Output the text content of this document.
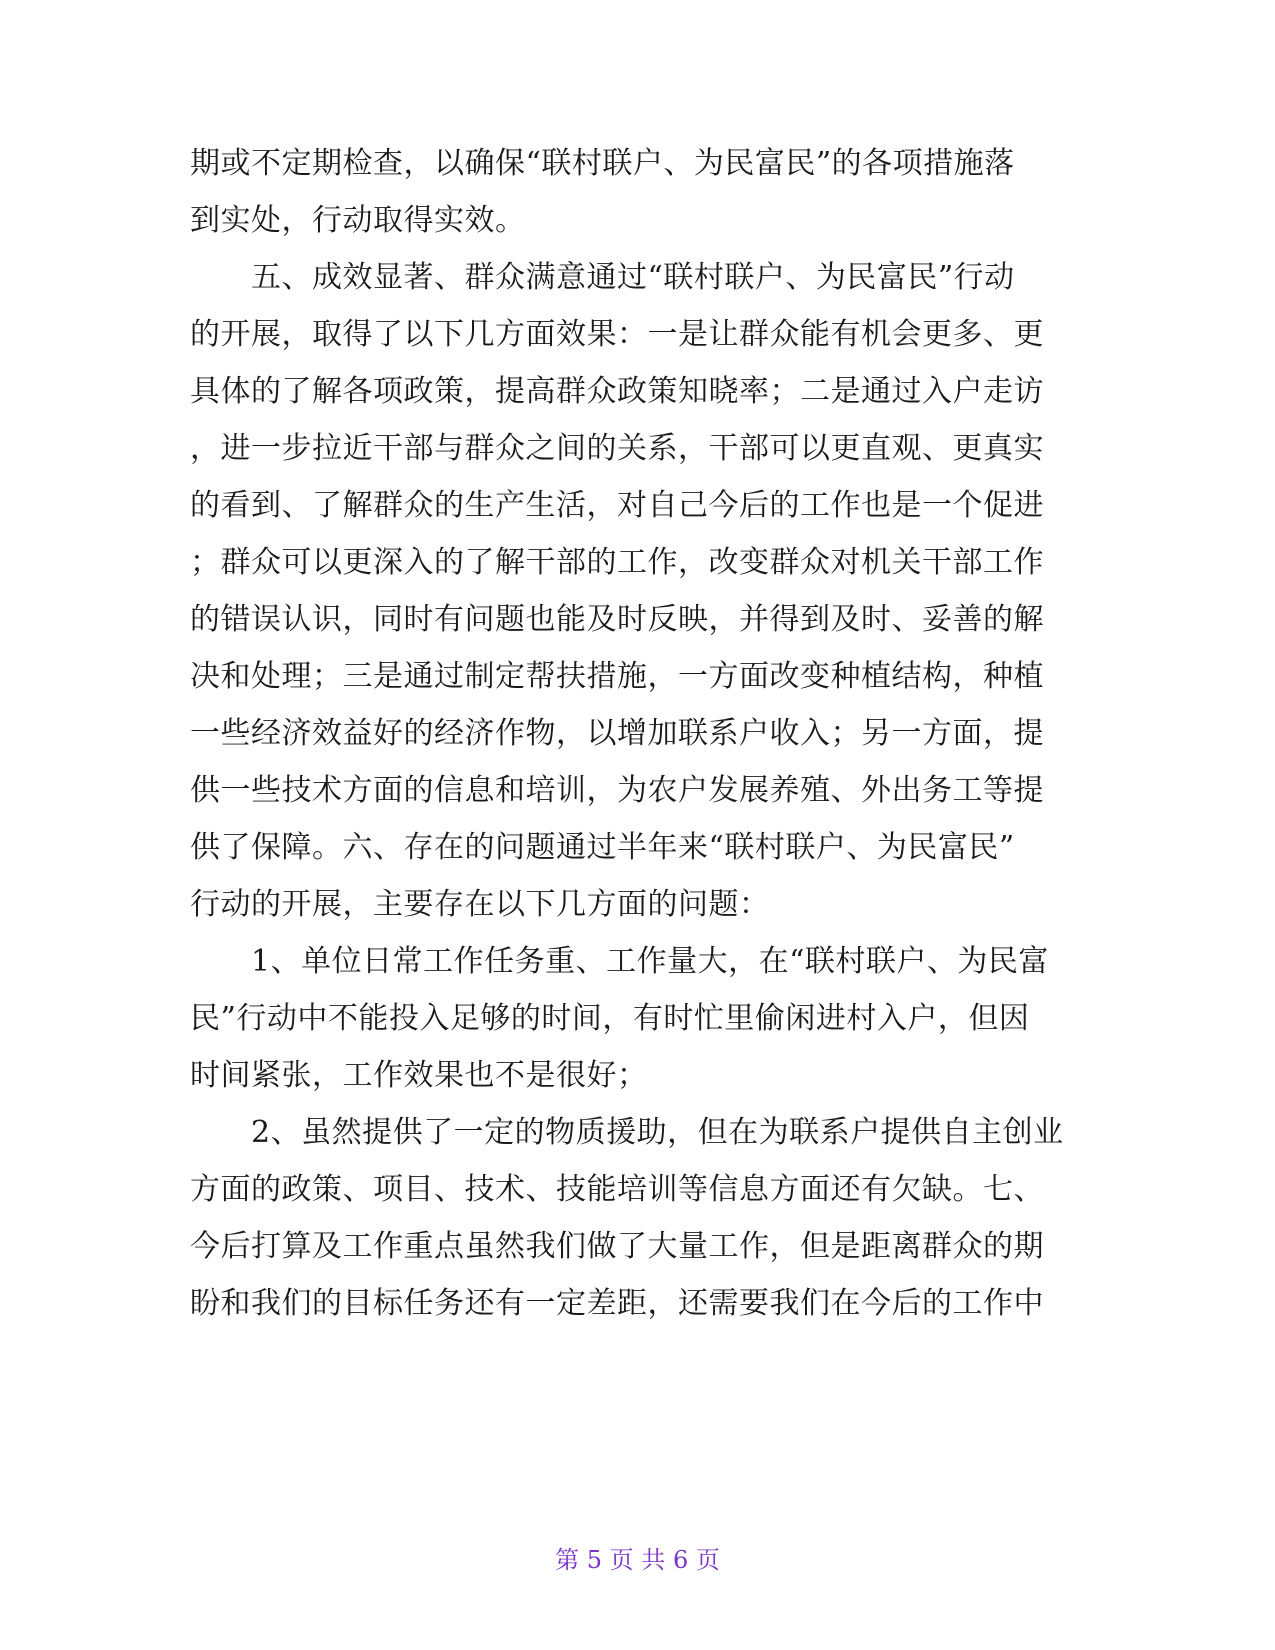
期或不定期检查，以确保“联村联户、为民富民”的各项措施落
到实处，行动取得实效。
　　五、成效显著、群众满意通过“联村联户、为民富民”行动
的开展，取得了以下几方面效果：一是让群众能有机会更多、更
具体的了解各项政策，提高群众政策知晓率；二是通过入户走访
，进一步拉近干部与群众之间的关系，干部可以更直观、更真实
的看到、了解群众的生产生活，对自己今后的工作也是一个促进
；群众可以更深入的了解干部的工作，改变群众对机关干部工作
的错误认识，同时有问题也能及时反映，并得到及时、妥善的解
决和处理；三是通过制定帮扶措施，一方面改变种植结构，种植
一些经济效益好的经济作物，以增加联系户收入；另一方面，提
供一些技术方面的信息和培训，为农户发展养殖、外出务工等提
供了保障。六、存在的问题通过半年来“联村联户、为民富民”
行动的开展，主要存在以下几方面的问题：
　　1、单位日常工作任务重、工作量大，在“联村联户、为民富
民”行动中不能投入足够的时间，有时忙里偷闲进村入户，但因
时间紧张，工作效果也不是很好；
　　2、虽然提供了一定的物质援助，但在为联系户提供自主创业
方面的政策、项目、技术、技能培训等信息方面还有欠缺。七、
今后打算及工作重点虽然我们做了大量工作，但是距离群众的期
盼和我们的目标任务还有一定差距，还需要我们在今后的工作中
第 5 页 共 6 页
